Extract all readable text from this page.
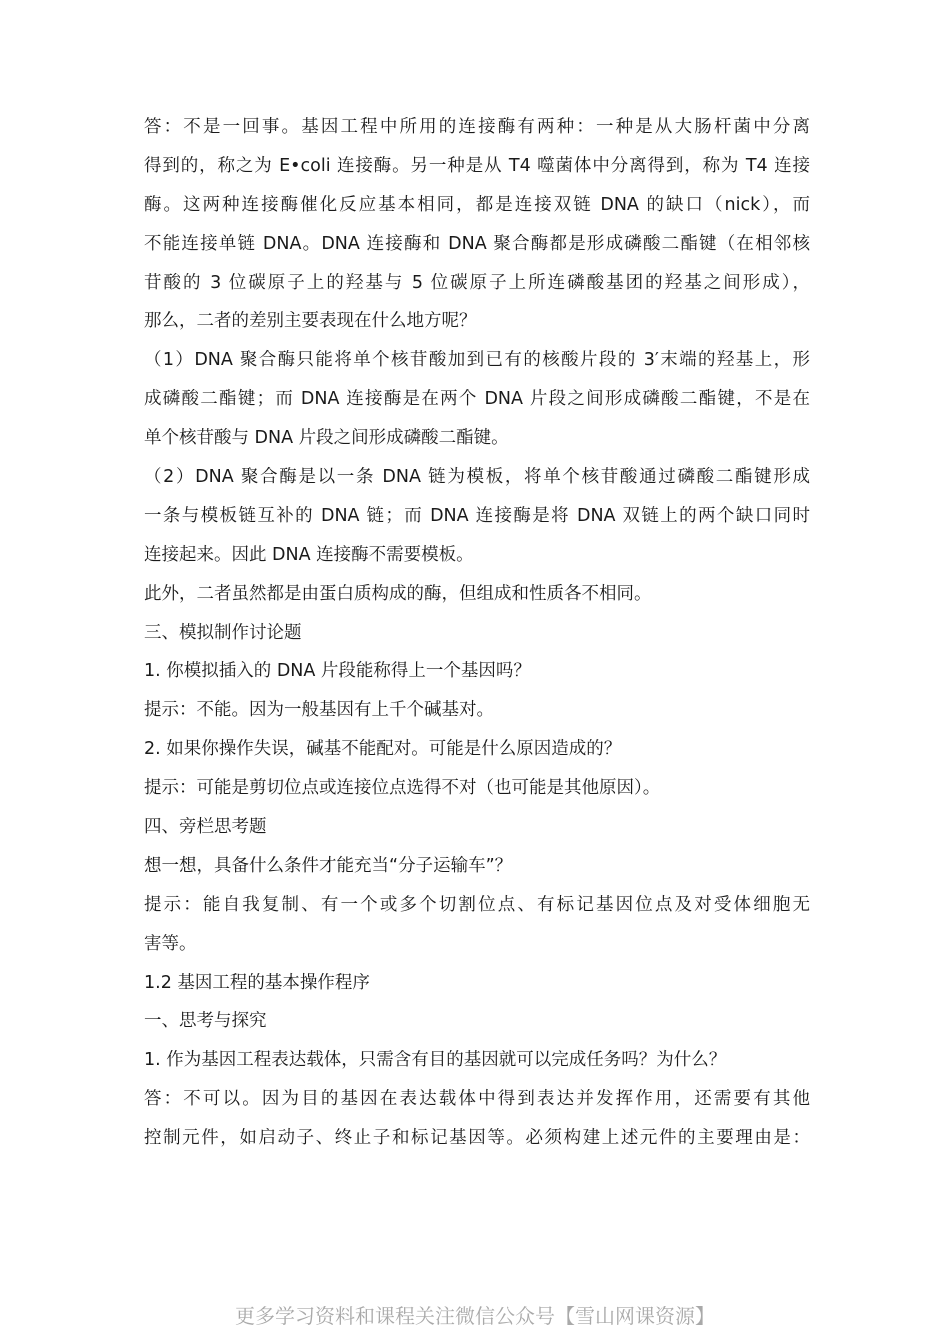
答：不是一回事。基因工程中所用的连接酶有两种：一种是从大肠杆菌中分离
得到的，称之为 E•coli 连接酶。另一种是从 T4 噬菌体中分离得到，称为 T4 连接
酶。这两种连接酶催化反应基本相同，都是连接双链 DNA 的缺口（nick），而
不能连接单链 DNA。DNA 连接酶和 DNA 聚合酶都是形成磷酸二酯键（在相邻核
苷酸的 3 位碳原子上的羟基与 5 位碳原子上所连磷酸基团的羟基之间形成），
那么，二者的差别主要表现在什么地方呢？
（1）DNA 聚合酶只能将单个核苷酸加到已有的核酸片段的 3′末端的羟基上，形
成磷酸二酯键；而 DNA 连接酶是在两个 DNA 片段之间形成磷酸二酯键，不是在
单个核苷酸与 DNA 片段之间形成磷酸二酯键。
（2）DNA 聚合酶是以一条 DNA 链为模板，将单个核苷酸通过磷酸二酯键形成
一条与模板链互补的 DNA 链；而 DNA 连接酶是将 DNA 双链上的两个缺口同时
连接起来。因此 DNA 连接酶不需要模板。
此外，二者虽然都是由蛋白质构成的酶，但组成和性质各不相同。
三、模拟制作讨论题
1. 你模拟插入的 DNA 片段能称得上一个基因吗？
提示：不能。因为一般基因有上千个碱基对。
2. 如果你操作失误，碱基不能配对。可能是什么原因造成的？
提示：可能是剪切位点或连接位点选得不对（也可能是其他原因）。
四、旁栏思考题
想一想，具备什么条件才能充当“分子运输车”？
提示：能自我复制、有一个或多个切割位点、有标记基因位点及对受体细胞无
害等。
1.2 基因工程的基本操作程序
一、思考与探究
1. 作为基因工程表达载体，只需含有目的基因就可以完成任务吗？为什么？
答：不可以。因为目的基因在表达载体中得到表达并发挥作用，还需要有其他
控制元件，如启动子、终止子和标记基因等。必须构建上述元件的主要理由是：
更多学习资料和课程关注微信公众号【雪山网课资源】
